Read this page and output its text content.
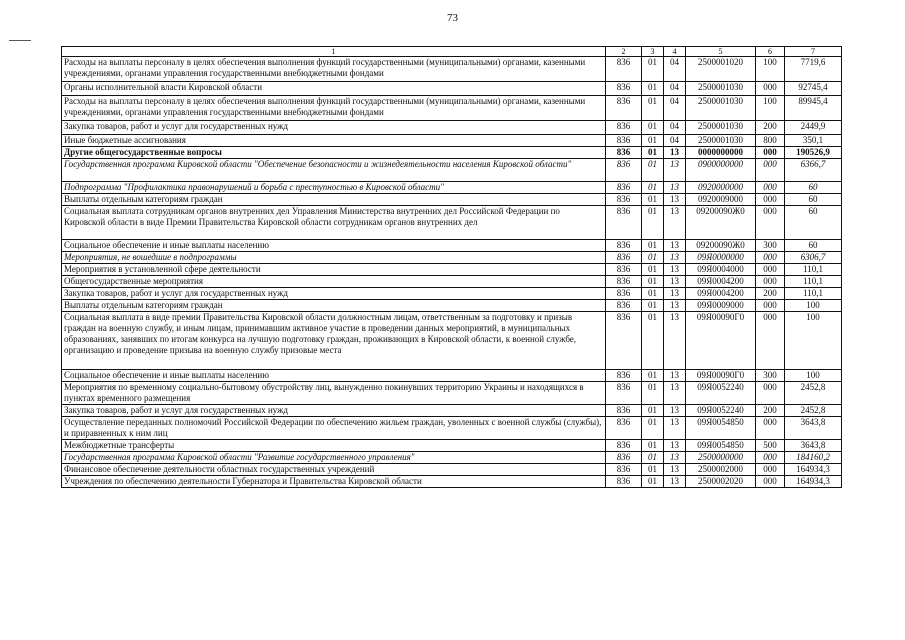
73
1	2	3	4	5	6	7
Расходы на выплаты персоналу в целях обеспечения выполнения функций государственными (муниципальными) органами, казенными учреждениями, органами управления государственными внебюджетными фондами	836	01	04	2500001020	100	7719,6
Органы исполнительной власти Кировской области	836	01	04	2500001030	000	92745,4
Расходы на выплаты персоналу в целях обеспечения выполнения функций государственными (муниципальными) органами, казенными учреждениями, органами управления государственными внебюджетными фондами	836	01	04	2500001030	100	89945,4
Закупка товаров, работ и услуг для государственных нужд	836	01	04	2500001030	200	2449,9
Иные бюджетные ассигнования	836	01	04	2500001030	800	350,1
Другие общегосударственные вопросы	836	01	13	0000000000	000	190526,9
Государственная программа Кировской области "Обеспечение безопасности и жизнедеятельности населения Кировской области"	836	01	13	0900000000	000	6366,7
Подпрограмма "Профилактика правонарушений и борьба с преступностью в Кировской области"	836	01	13	0920000000	000	60
Выплаты отдельным категориям граждан	836	01	13	0920009000	000	60
Социальная выплата сотрудникам органов внутренних дел Управления Министерства внутренних дел Российской Федерации по Кировской области в виде Премии Правительства Кировской области сотрудникам органов внутренних дел	836	01	13	09200090Ж0	000	60
Социальное обеспечение и иные выплаты населению	836	01	13	09200090Ж0	300	60
Мероприятия, не вошедшие в подпрограммы	836	01	13	09Я0000000	000	6306,7
Мероприятия в установленной сфере деятельности	836	01	13	09Я0004000	000	110,1
Общегосударственные мероприятия	836	01	13	09Я0004200	000	110,1
Закупка товаров, работ и услуг для государственных нужд	836	01	13	09Я0004200	200	110,1
Выплаты отдельным категориям граждан	836	01	13	09Я0009000	000	100
Социальная выплата в виде премии Правительства Кировской области должностным лицам, ответственным за подготовку и призыв граждан на военную службу, и иным лицам, принимавшим активное участие в проведении данных мероприятий, в муниципальных образованиях, занявших по итогам конкурса на лучшую подготовку граждан, проживающих в Кировской области, к военной службе, организацию и проведение призыва на военную службу призовые места	836	01	13	09Я00090Г0	000	100
Социальное обеспечение и иные выплаты населению	836	01	13	09Я00090Г0	300	100
Мероприятия по временному социально-бытовому обустройству лиц, вынужденно покинувших территорию Украины и находящихся в пунктах временного размещения	836	01	13	09Я0052240	000	2452,8
Закупка товаров, работ и услуг для государственных нужд	836	01	13	09Я0052240	200	2452,8
Осуществление переданных полномочий Российской Федерации по обеспечению жильем граждан, уволенных с военной службы (службы), и приравненных к ним лиц	836	01	13	09Я0054850	000	3643,8
Межбюджетные трансферты	836	01	13	09Я0054850	500	3643,8
Государственная программа Кировской области "Развитие государственного управления"	836	01	13	2500000000	000	184160,2
Финансовое обеспечение деятельности областных государственных учреждений	836	01	13	2500002000	000	164934,3
Учреждения по обеспечению деятельности Губернатора и Правительства Кировской области	836	01	13	2500002020	000	164934,3
